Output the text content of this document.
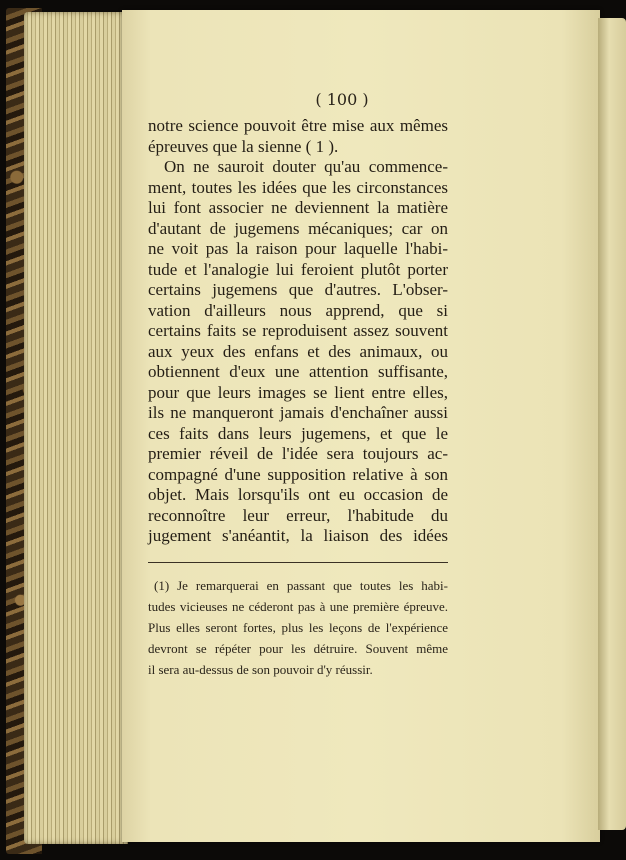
( 100 )
notre science pouvoit être mise aux mêmes
épreuves que la sienne ( 1 ).
On ne sauroit douter qu'au commence-
ment, toutes les idées que les circonstances
lui font associer ne deviennent la matière
d'autant de jugemens mécaniques; car on
ne voit pas la raison pour laquelle l'habi-
tude et l'analogie lui feroient plutôt porter
certains jugemens que d'autres. L'obser-
vation d'ailleurs nous apprend, que si
certains faits se reproduisent assez souvent
aux yeux des enfans et des animaux, ou
obtiennent d'eux une attention suffisante,
pour que leurs images se lient entre elles,
ils ne manqueront jamais d'enchaîner aussi
ces faits dans leurs jugemens, et que le
premier réveil de l'idée sera toujours ac-
compagné d'une supposition relative à son
objet. Mais lorsqu'ils ont eu occasion de
reconnoître leur erreur, l'habitude du
jugement s'anéantit, la liaison des idées
(1) Je remarquerai en passant que toutes les habi-
tudes vicieuses ne céderont pas à une première épreuve.
Plus elles seront fortes, plus les leçons de l'expérience
devront se répéter pour les détruire. Souvent même
il sera au-dessus de son pouvoir d'y réussir.
